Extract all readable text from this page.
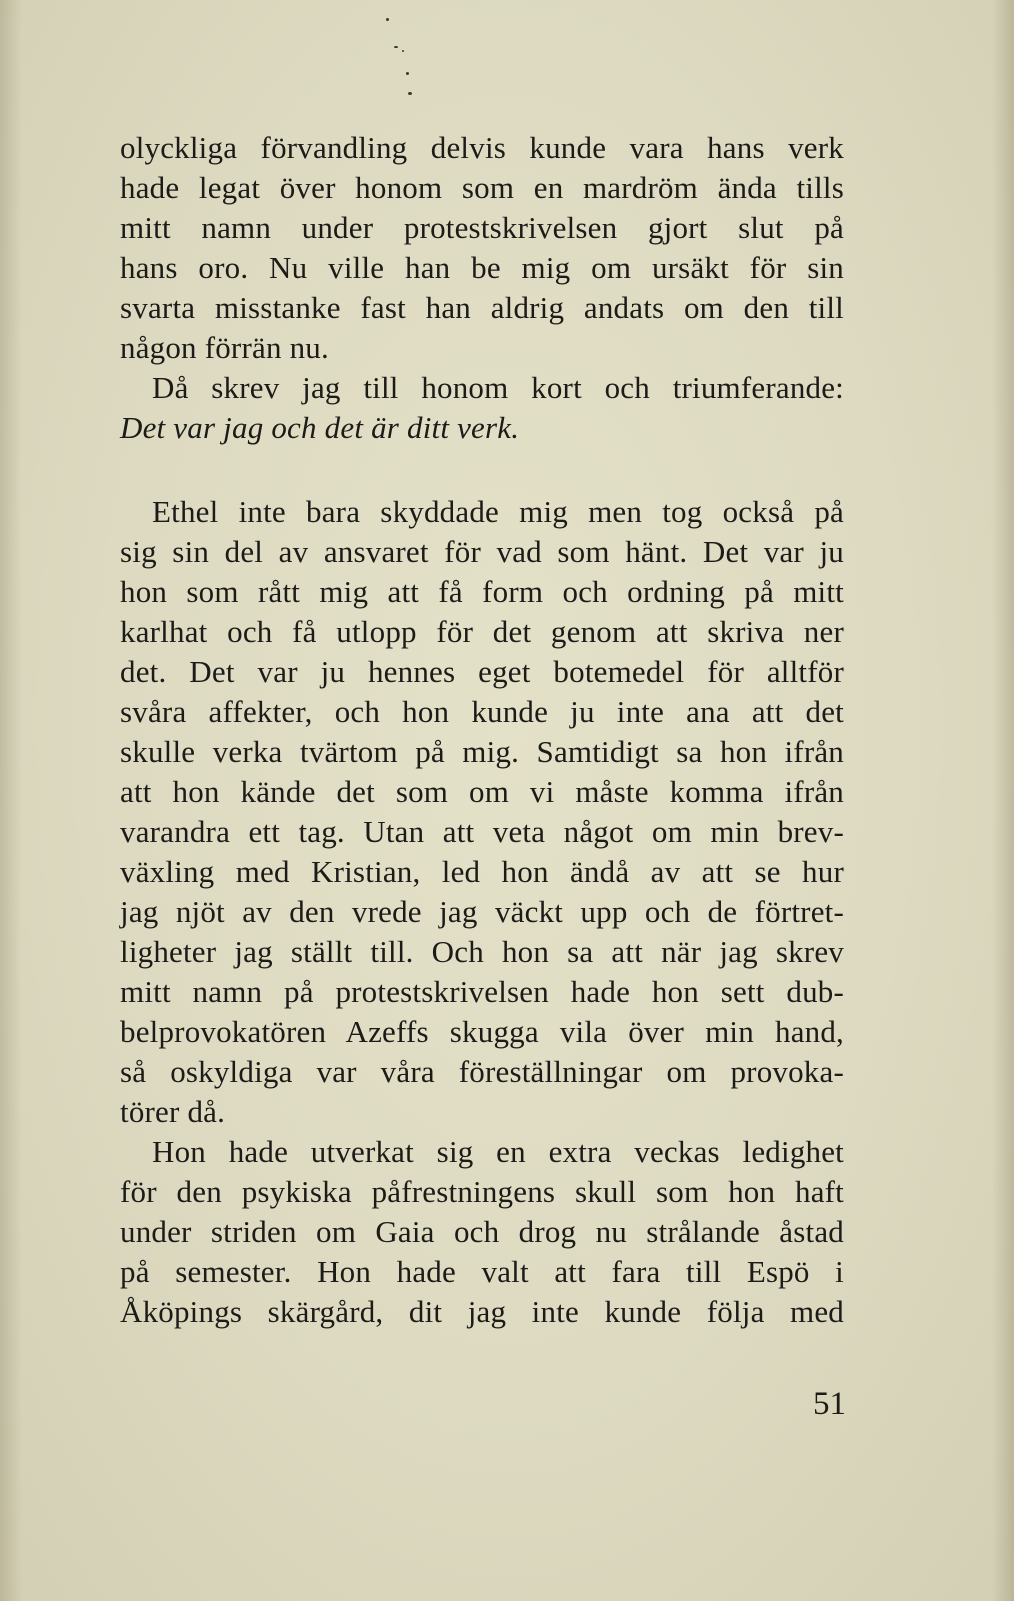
olyckliga förvandling delvis kunde vara hans verk
hade legat över honom som en mardröm ända tills
mitt namn under protestskrivelsen gjort slut på
hans oro. Nu ville han be mig om ursäkt för sin
svarta misstanke fast han aldrig andats om den till
någon förrän nu.
Då skrev jag till honom kort och triumferande:
Det var jag och det är ditt verk.
Ethel inte bara skyddade mig men tog också på
sig sin del av ansvaret för vad som hänt. Det var ju
hon som rått mig att få form och ordning på mitt
karlhat och få utlopp för det genom att skriva ner
det. Det var ju hennes eget botemedel för alltför
svåra affekter, och hon kunde ju inte ana att det
skulle verka tvärtom på mig. Samtidigt sa hon ifrån
att hon kände det som om vi måste komma ifrån
varandra ett tag. Utan att veta något om min brev-
växling med Kristian, led hon ändå av att se hur
jag njöt av den vrede jag väckt upp och de förtret-
ligheter jag ställt till. Och hon sa att när jag skrev
mitt namn på protestskrivelsen hade hon sett dub-
belprovokatören Azeffs skugga vila över min hand,
så oskyldiga var våra föreställningar om provoka-
törer då.
Hon hade utverkat sig en extra veckas ledighet
för den psykiska påfrestningens skull som hon haft
under striden om Gaia och drog nu strålande åstad
på semester. Hon hade valt att fara till Espö i
Åköpings skärgård, dit jag inte kunde följa med
51
